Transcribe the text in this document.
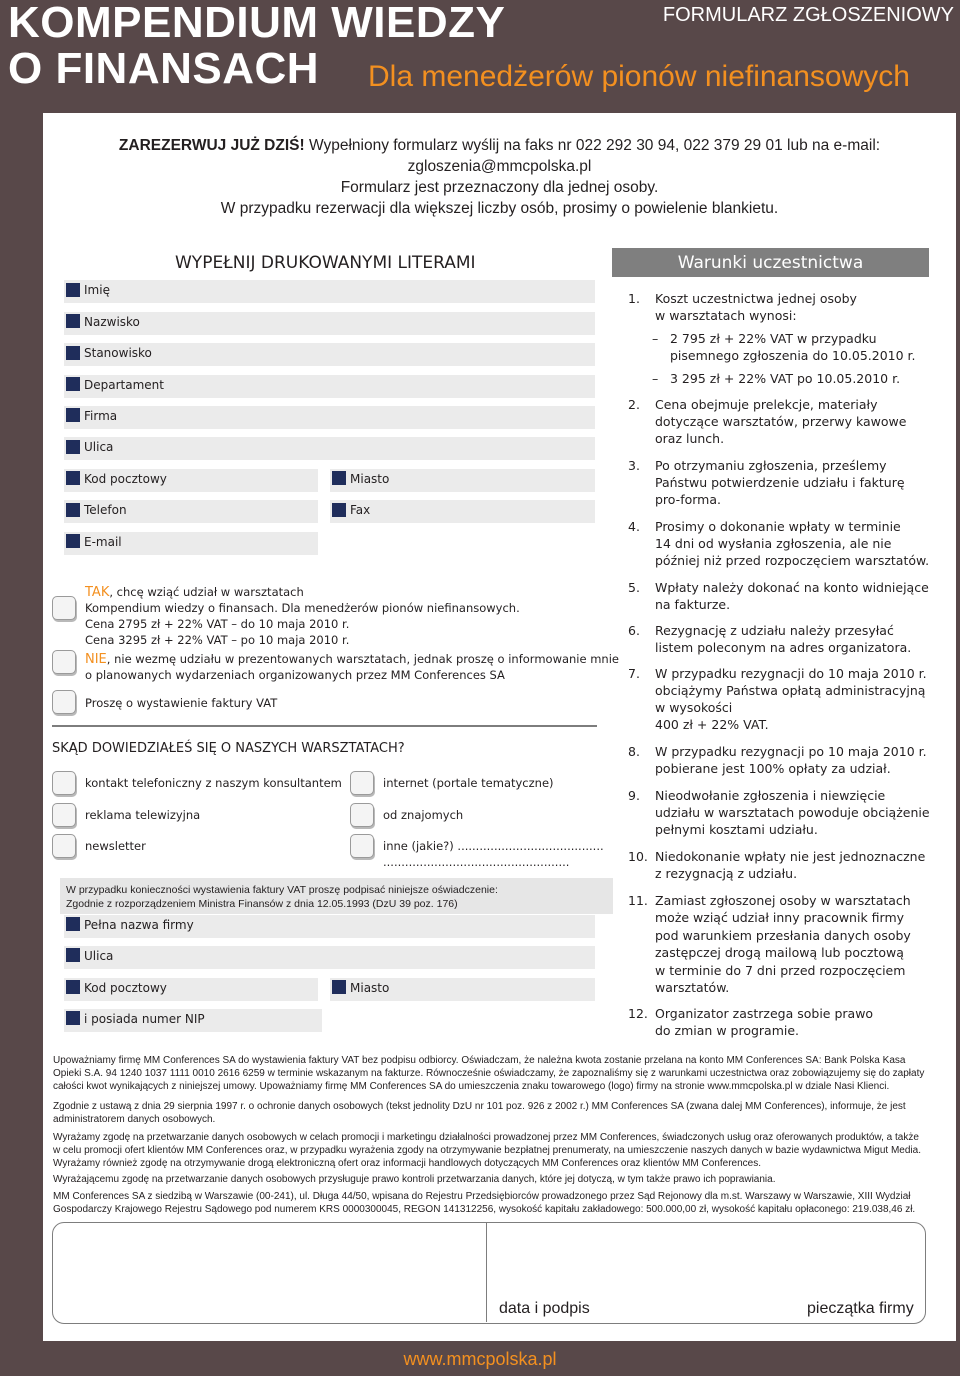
KOMPENDIUM WIEDZY
O FINANSACH Dla menedżerów pionów niefinansowych
FORMULARZ ZGŁOSZENIOWY
ZAREZERWUJ JUŻ DZIŚ! Wypełniony formularz wyślij na faks nr 022 292 30 94, 022 379 29 01 lub na e-mail:
zgloszenia@mmcpolska.pl
Formularz jest przeznaczony dla jednej osoby.
W przypadku rezerwacji dla większej liczby osób, prosimy o powielenie blankietu.
WYPEŁNIJ DRUKOWANYMI LITERAMI
Imię
Nazwisko
Stanowisko
Departament
Firma
Ulica
Kod pocztowy	Miasto
Telefon	Fax
E-mail
TAK, chcę wziąć udział w warsztatach
Kompendium wiedzy o finansach. Dla menedżerów pionów niefinansowych.
Cena 2795 zł + 22% VAT – do 10 maja 2010 r.
Cena 3295 zł + 22% VAT – po 10 maja 2010 r.
NIE, nie wezmę udziału w prezentowanych warsztatach, jednak proszę o informowanie mnie
o planowanych wydarzeniach organizowanych przez MM Conferences SA
Proszę o wystawienie faktury VAT
SKĄD DOWIEDZIAŁEŚ SIĘ O NASZYCH WARSZTATACH?
kontakt telefoniczny z naszym konsultantem	internet (portale tematyczne)
reklama telewizyjna	od znajomych
newsletter	inne (jakie?) ........................................
...................................................
W przypadku konieczności wystawienia faktury VAT proszę podpisać niniejsze oświadczenie:
Zgodnie z rozporządzeniem Ministra Finansów z dnia 12.05.1993 (DzU 39 poz. 176)
Pełna nazwa firmy
Ulica
Kod pocztowy	Miasto
i posiada numer NIP
Warunki uczestnictwa
1. Koszt uczestnictwa jednej osoby
w warsztatach wynosi:
– 2 795 zł + 22% VAT w przypadku
pisemnego zgłoszenia do 10.05.2010 r.
– 3 295 zł + 22% VAT po 10.05.2010 r.
2. Cena obejmuje prelekcje, materiały
dotyczące warsztatów, przerwy kawowe
oraz lunch.
3. Po otrzymaniu zgłoszenia, prześlemy
Państwu potwierdzenie udziału i fakturę
pro-forma.
4. Prosimy o dokonanie wpłaty w terminie
14 dni od wysłania zgłoszenia, ale nie
później niż przed rozpoczęciem warsztatów.
5. Wpłaty należy dokonać na konto widniejące
na fakturze.
6. Rezygnację z udziału należy przesyłać
listem poleconym na adres organizatora.
7. W przypadku rezygnacji do 10 maja 2010 r.
obciążymy Państwa opłatą administracyjną
w wysokości
400 zł + 22% VAT.
8. W przypadku rezygnacji po 10 maja 2010 r.
pobierane jest 100% opłaty za udział.
9. Nieodwołanie zgłoszenia i niewzięcie
udziału w warsztatach powoduje obciążenie
pełnymi kosztami udziału.
10. Niedokonanie wpłaty nie jest jednoznaczne
z rezygnacją z udziału.
11. Zamiast zgłoszonej osoby w warsztatach
może wziąć udział inny pracownik firmy
pod warunkiem przesłania danych osoby
zastępczej drogą mailową lub pocztową
w terminie do 7 dni przed rozpoczęciem
warsztatów.
12. Organizator zastrzega sobie prawo
do zmian w programie.
Upoważniamy firmę MM Conferences SA do wystawienia faktury VAT bez podpisu odbiorcy. Oświadczam, że należna kwota zostanie przelana na konto MM Conferences SA: Bank Polska Kasa Opieki S.A. 94 1240 1037 1111 0010 2616 6259 w terminie wskazanym na fakturze. Równocześnie oświadczamy, że zapoznaliśmy się z warunkami uczestnictwa oraz zobowiązujemy się do zapłaty całości kwot wynikających z niniejszej umowy. Upoważniamy firmę MM Conferences SA do umieszczenia znaku towarowego (logo) firmy na stronie www.mmcpolska.pl w dziale Nasi Klienci.
Zgodnie z ustawą z dnia 29 sierpnia 1997 r. o ochronie danych osobowych (tekst jednolity DzU nr 101 poz. 926 z 2002 r.) MM Conferences SA (zwana dalej MM Conferences), informuje, że jest administratorem danych osobowych.
Wyrażamy zgodę na przetwarzanie danych osobowych w celach promocji i marketingu działalności prowadzonej przez MM Conferences, świadczonych usług oraz oferowanych produktów, a także w celu promocji ofert klientów MM Conferences oraz, w przypadku wyrażenia zgody na otrzymywanie bezpłatnej prenumeraty, na umieszczenie naszych danych w bazie wydawnictwa Migut Media. Wyrażamy również zgodę na otrzymywanie drogą elektroniczną ofert oraz informacji handlowych dotyczących MM Conferences oraz klientów MM Conferences.
Wyrażającemu zgodę na przetwarzanie danych osobowych przysługuje prawo kontroli przetwarzania danych, które jej dotyczą, w tym także prawo ich poprawiania.
MM Conferences SA z siedzibą w Warszawie (00-241), ul. Długa 44/50, wpisana do Rejestru Przedsiębiorców prowadzonego przez Sąd Rejonowy dla m.st. Warszawy w Warszawie, XIII Wydział Gospodarczy Krajowego Rejestru Sądowego pod numerem KRS 0000300045, REGON 141312256, wysokość kapitału zakładowego: 500.000,00 zł, wysokość kapitału opłaconego: 219.038,46 zł.
data i podpis	pieczątka firmy
www.mmcpolska.pl
